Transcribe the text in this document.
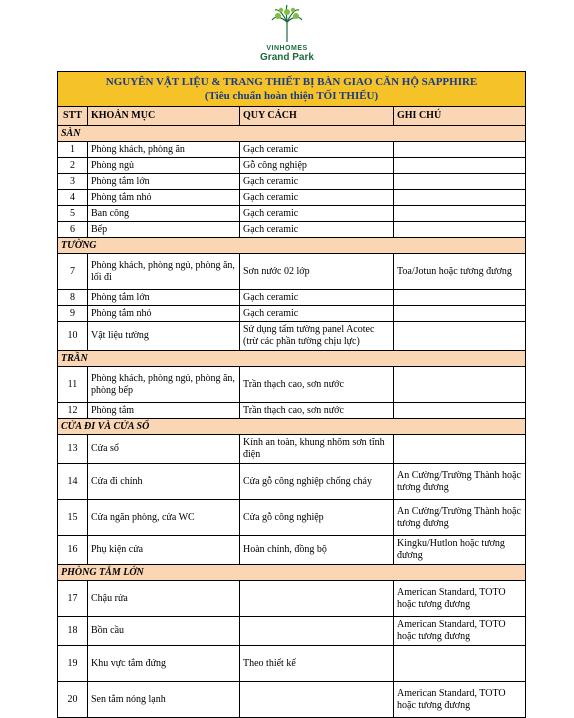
VINHOMES
Grand Park
NGUYÊN VẬT LIỆU & TRANG THIẾT BỊ BÀN GIAO CĂN HỘ SAPPHIRE
(Tiêu chuẩn hoàn thiện TỐI THIỂU)			

STT	KHOẢN MỤC	QUY CÁCH	GHI CHÚ
SÀN			
1	Phòng khách, phòng ăn	Gạch ceramic	
2	Phòng ngủ	Gỗ công nghiệp	
3	Phòng tắm lớn	Gạch ceramic	
4	Phòng tắm nhỏ	Gạch ceramic	
5	Ban công	Gạch ceramic	
6	Bếp	Gạch ceramic	
TƯỜNG			
7	Phòng khách, phòng ngủ, phòng ăn, lối đi	Sơn nước 02 lớp	Toa/Jotun hoặc tương đương
8	Phòng tắm lớn	Gạch ceramic	
9	Phòng tắm nhỏ	Gạch ceramic	
10	Vật liệu tường	Sử dụng tấm tường panel Acotec (trừ các phần tường chịu lực)	
TRẦN			
11	Phòng khách, phòng ngủ, phòng ăn, phòng bếp	Trần thạch cao, sơn nước	
12	Phòng tắm	Trần thạch cao, sơn nước	
CỬA ĐI VÀ CỬA SỔ			
13	Cửa sổ	Kính an toàn, khung nhôm sơn tĩnh điện	
14	Cửa đi chính	Cửa gỗ công nghiệp chống cháy	An Cường/Trường Thành hoặc tương đương
15	Cửa ngăn phòng, cửa WC	Cửa gỗ công nghiệp	An Cường/Trường Thành hoặc tương đương
16	Phụ kiện cửa	Hoàn chỉnh, đồng bộ	Kingku/Hutlon hoặc tương đương
PHÒNG TẮM LỚN			
17	Chậu rửa		American Standard, TOTO hoặc tương đương
18	Bồn cầu		American Standard, TOTO hoặc tương đương
19	Khu vực tắm đứng	Theo thiết kế	
20	Sen tắm nóng lạnh		American Standard, TOTO hoặc tương đương
